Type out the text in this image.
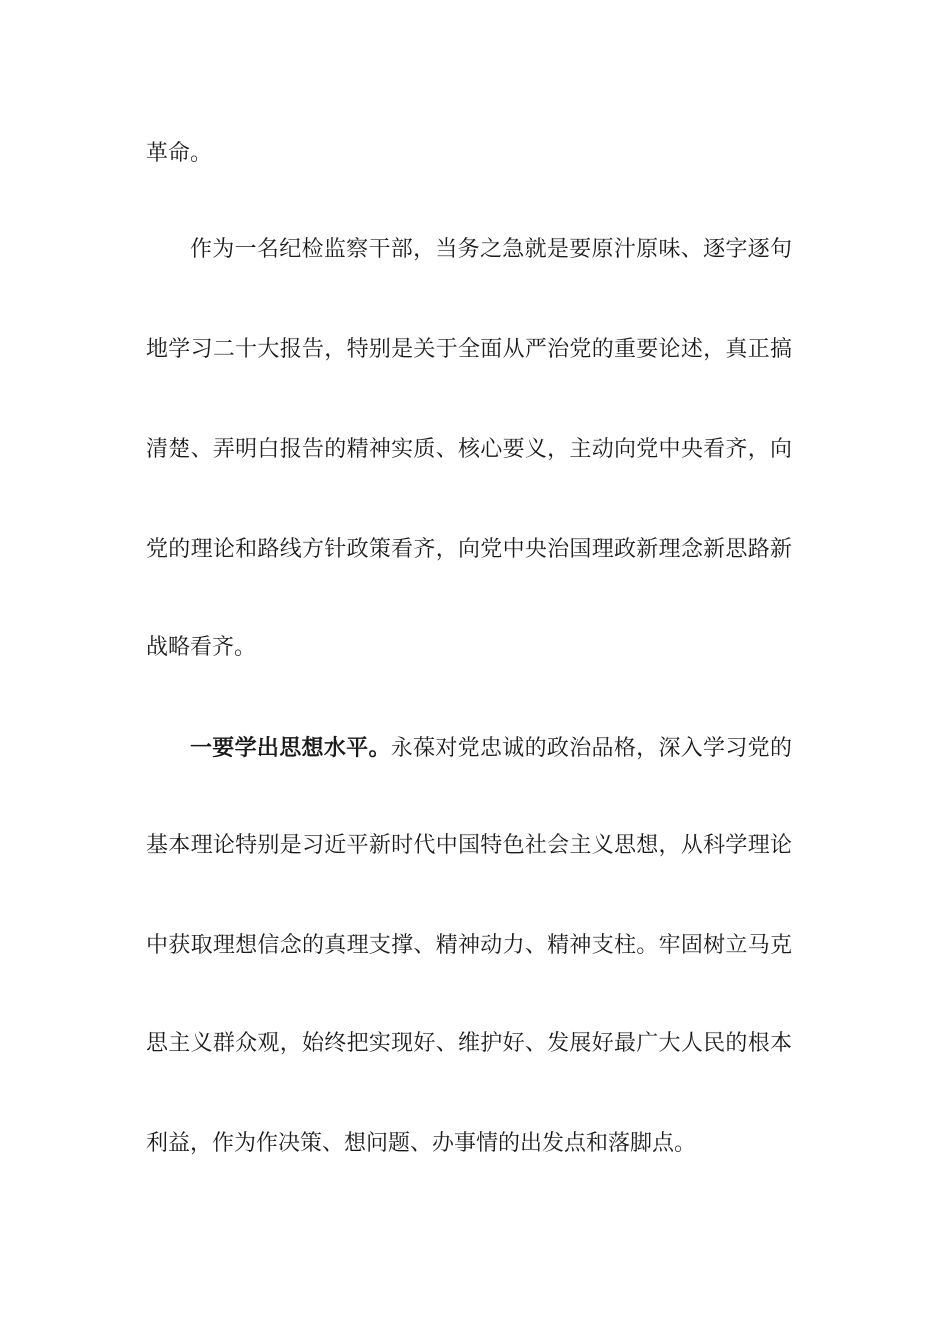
革命。
作为一名纪检监察干部，当务之急就是要原汁原味、逐字逐句
地学习二十大报告，特别是关于全面从严治党的重要论述，真正搞
清楚、弄明白报告的精神实质、核心要义，主动向党中央看齐，向
党的理论和路线方针政策看齐，向党中央治国理政新理念新思路新
战略看齐。
一要学出思想水平。永葆对党忠诚的政治品格，深入学习党的
基本理论特别是习近平新时代中国特色社会主义思想，从科学理论
中获取理想信念的真理支撑、精神动力、精神支柱。牢固树立马克
思主义群众观，始终把实现好、维护好、发展好最广大人民的根本
利益，作为作决策、想问题、办事情的出发点和落脚点。
